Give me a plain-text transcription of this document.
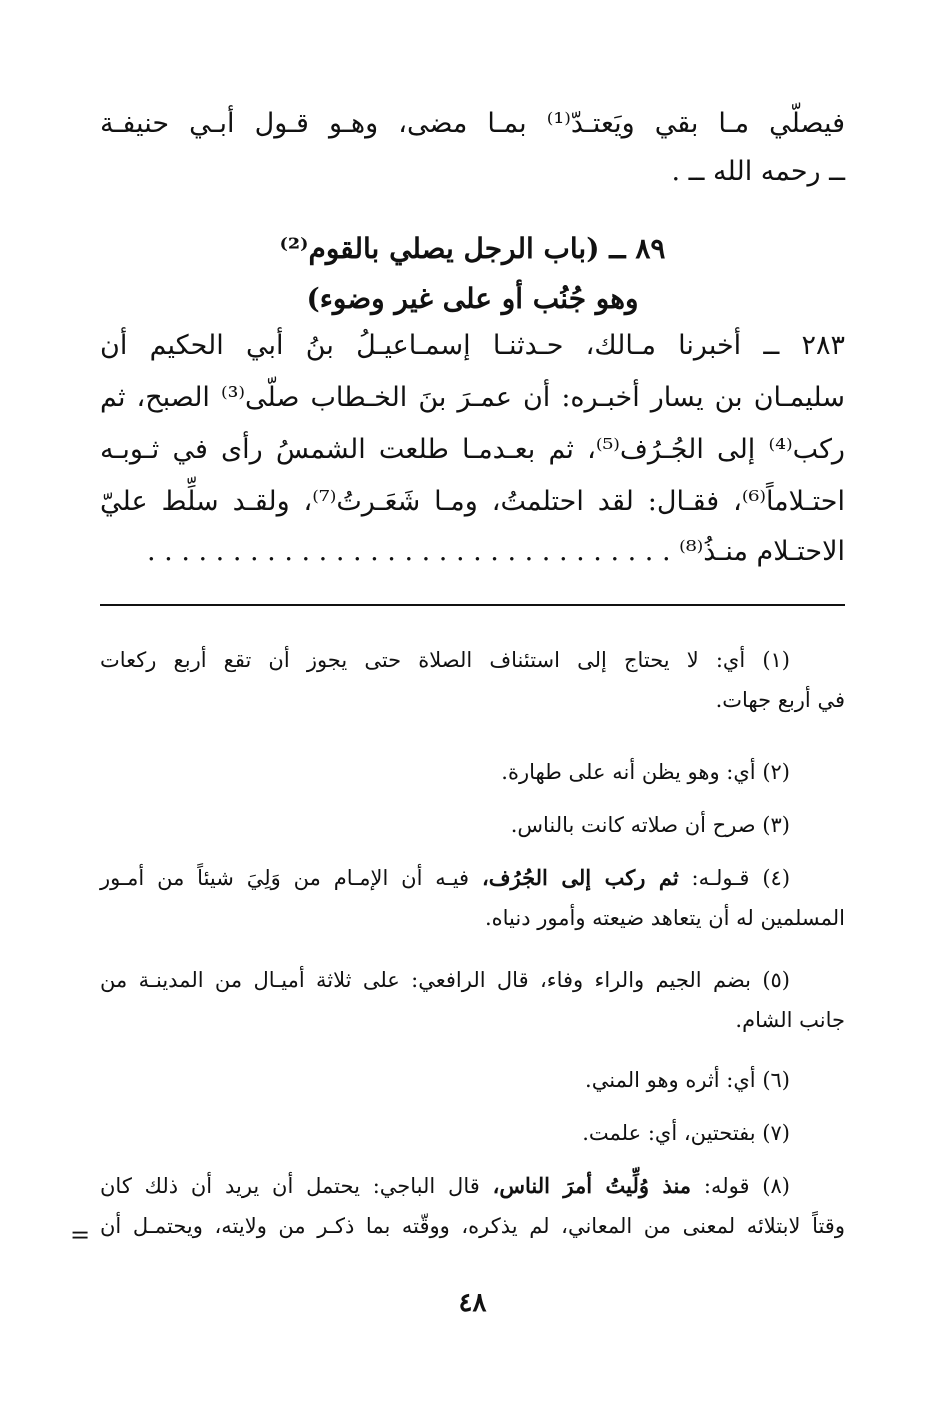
فيصلّي مـا بقي ويَعتـدّ⁽¹⁾ بمـا مضى، وهـو قـول أبـي حنيفـة
ــ رحمه الله ــ .
٨٩ ــ (باب الرجل يصلي بالقوم⁽²⁾
وهو جُنُب أو على غير وضوء)
٢٨٣ ــ أخبرنا مـالك، حـدثنـا إسمـاعيـلُ بنُ أبي الحكيم أن
سليمـان بن يسار أخبـره: أن عمـرَ بنَ الخـطاب صلّى⁽³⁾ الصبح، ثم
ركب⁽⁴⁾ إلى الجُـرُف⁽⁵⁾، ثم بعـدمـا طلعت الشمسُ رأى في ثـوبـه
احتـلاماً⁽⁶⁾، فقـال: لقد احتلمتُ، ومـا شَعَـرتُ⁽⁷⁾، ولقـد سلِّط عليّ
الاحتـلام منـذُ⁽⁸⁾ . . . . . . . . . . . . . . . . . . . . . . . . . . . . . . .
(١) أي: لا يحتاج إلى استئناف الصلاة حتى يجوز أن تقع أربع ركعات
في أربع جهات.
(٢) أي: وهو يظن أنه على طهارة.
(٣) صرح أن صلاته كانت بالناس.
(٤) قـولـه: ثم ركب إلى الجُرُف، فيـه أن الإمـام من وَلِيَ شيئاً من أمـور
المسلمين له أن يتعاهد ضيعته وأمور دنياه.
(٥) بضم الجيم والراء وفاء، قال الرافعي: على ثلاثة أميـال من المدينـة من
جانب الشام.
(٦) أي: أثره وهو المني.
(٧) بفتحتين، أي: علمت.
(٨) قوله: منذ وُلِّيتُ أمرَ الناس، قال الباجي: يحتمل أن يريد أن ذلك كان
وقتاً لابتلائه لمعنى من المعاني، لم يذكره، ووقّته بما ذكـر من ولايته، ويحتمـل أن
=
٤٨
